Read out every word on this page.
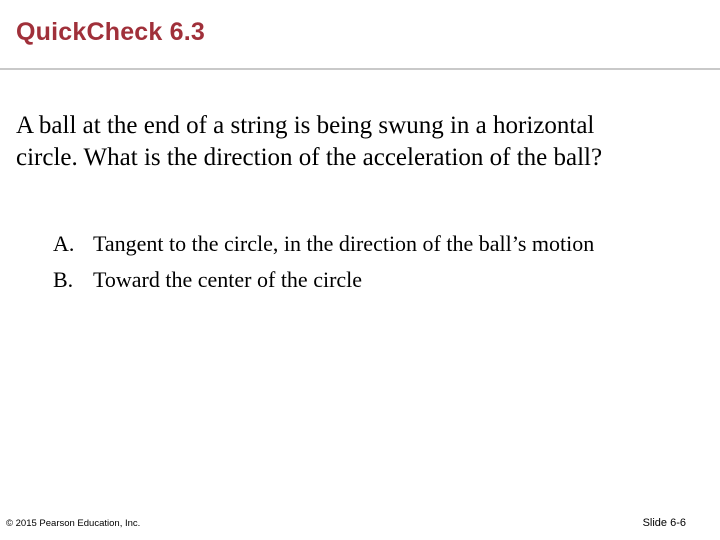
QuickCheck 6.3

A ball at the end of a string is being swung in a horizontal
circle. What is the direction of the acceleration of the ball?

A. Tangent to the circle, in the direction of the ball’s motion
B. Toward the center of the circle
© 2015 Pearson Education, Inc.	Slide 6-6
